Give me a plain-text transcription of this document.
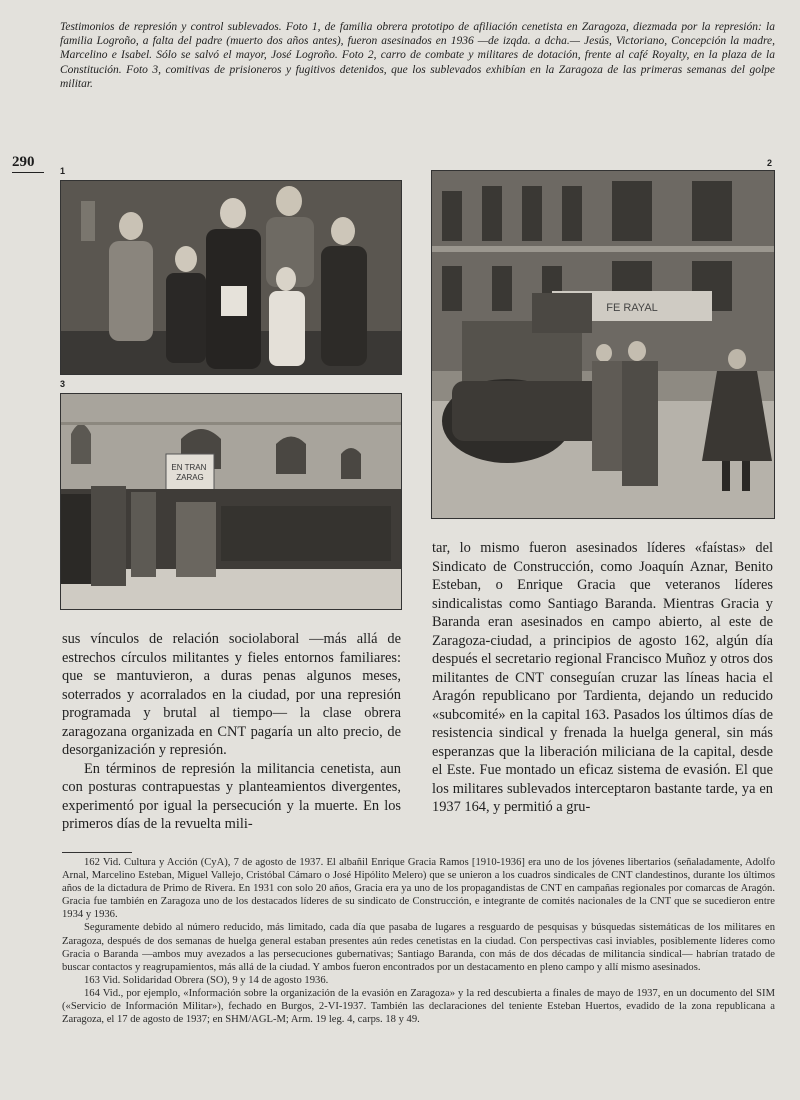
Testimonios de represión y control sublevados. Foto 1, de familia obrera prototipo de afiliación cenetista en Zaragoza, diezmada por la represión: la familia Logroño, a falta del padre (muerto dos años antes), fueron asesinados en 1936 —de izqda. a dcha.— Jesús, Victoriano, Concepción la madre, Marcelino e Isabel. Sólo se salvó el mayor, José Logroño. Foto 2, carro de combate y militares de dotación, frente al café Royalty, en la plaza de la Constitución. Foto 3, comitivas de prisioneros y fugitivos detenidos, que los sublevados exhibían en la Zaragoza de las primeras semanas del golpe militar.
290
1
3
EN TRAN ZARAG
2
FE RAYAL

sus vínculos de relación sociolaboral —más allá de estrechos círculos militantes y fieles entornos familiares: que se mantuvieron, a duras penas algunos meses, soterrados y acorralados en la ciudad, por una represión programada y brutal al tiempo— la clase obrera zaragozana organizada en CNT pagaría un alto precio, de desorganización y represión.

En términos de represión la militancia cenetista, aun con posturas contrapuestas y planteamientos divergentes, experimentó por igual la persecución y la muerte. En los primeros días de la revuelta mili-

tar, lo mismo fueron asesinados líderes «faístas» del Sindicato de Construcción, como Joaquín Aznar, Benito Esteban, o Enrique Gracia que veteranos líderes sindicalistas como Santiago Baranda. Mientras Gracia y Baranda eran asesinados en campo abierto, al este de Zaragoza-ciudad, a principios de agosto 162, algún día después el secretario regional Francisco Muñoz y otros dos militantes de CNT conseguían cruzar las líneas hacia el Aragón republicano por Tardienta, dejando un reducido «subcomité» en la capital 163. Pasados los últimos días de resistencia sindical y frenada la huelga general, sin más esperanzas que la liberación miliciana de la capital, desde el Este. Fue montado un eficaz sistema de evasión. El que los militares sublevados interceptaron bastante tarde, ya en 1937 164, y permitió a gru-

162 Vid. Cultura y Acción (CyA), 7 de agosto de 1937. El albañil Enrique Gracia Ramos [1910-1936] era uno de los jóvenes libertarios (señaladamente, Adolfo Arnal, Marcelino Esteban, Miguel Vallejo, Cristóbal Cámaro o José Hipólito Melero) que se unieron a los cuadros sindicales de CNT clandestinos, durante los últimos años de la dictadura de Primo de Rivera. En 1931 con solo 20 años, Gracia era ya uno de los propagandistas de CNT en campañas regionales por comarcas de Aragón. Gracia fue también en Zaragoza uno de los destacados líderes de su sindicato de Construcción, e integrante de comités nacionales de la CNT que se sucedieron entre 1934 y 1936.

Seguramente debido al número reducido, más limitado, cada día que pasaba de lugares a resguardo de pesquisas y búsquedas sistemáticas de los militares en Zaragoza, después de dos semanas de huelga general estaban presentes aún redes cenetistas en la ciudad. Con perspectivas casi inviables, posiblemente líderes como Gracia o Baranda —ambos muy avezados a las persecuciones gubernativas; Santiago Baranda, con más de dos décadas de militancia sindical— habrían tratado de buscar contactos y reagrupamientos, más allá de la ciudad. Y ambos fueron encontrados por un destacamento en pleno campo y allí mismo asesinados.

163 Vid. Solidaridad Obrera (SO), 9 y 14 de agosto 1936.

164 Vid., por ejemplo, «Información sobre la organización de la evasión en Zaragoza» y la red descubierta a finales de mayo de 1937, en un documento del SIM («Servicio de Información Militar»), fechado en Burgos, 2-VI-1937. También las declaraciones del teniente Esteban Huertos, evadido de la zona republicana a Zaragoza, el 17 de agosto de 1937; en SHM/AGL-M; Arm. 19 leg. 4, carps. 18 y 49.
